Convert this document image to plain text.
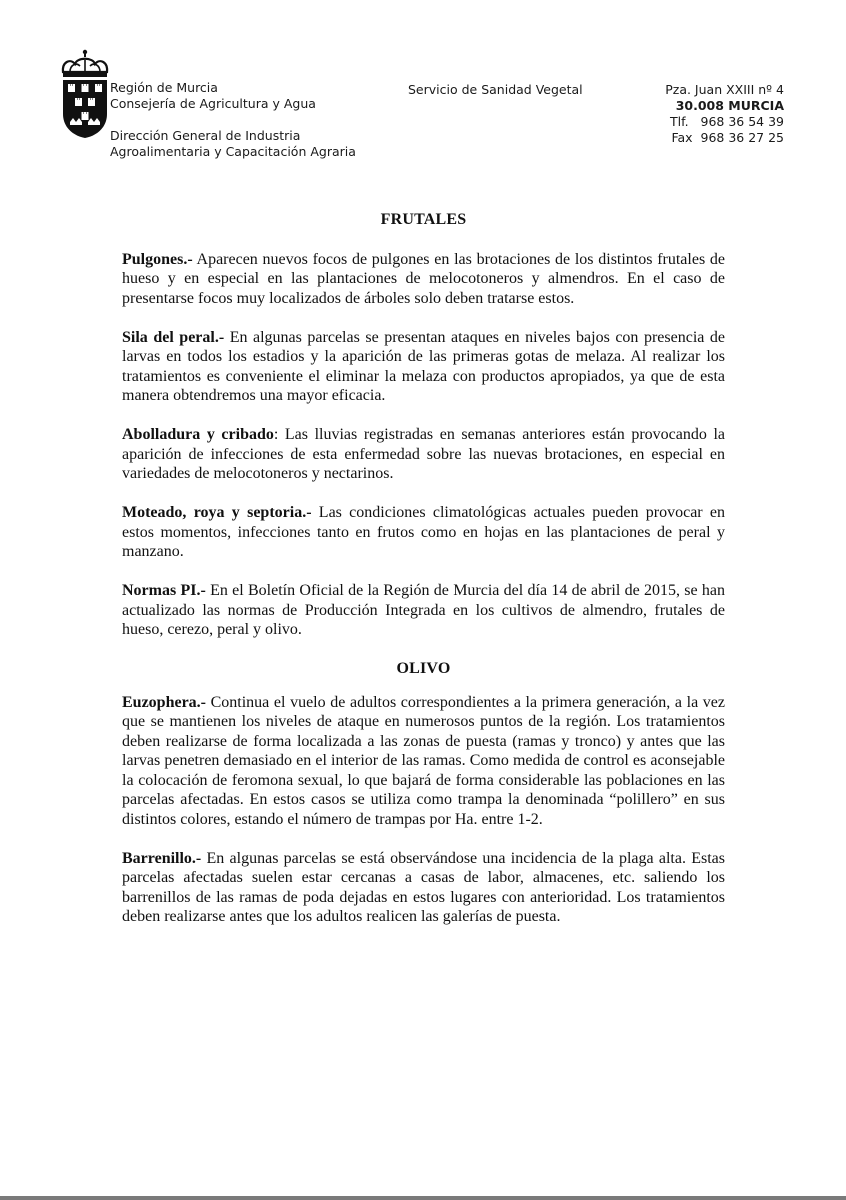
Región de Murcia
Consejería de Agricultura y Agua
Dirección General de Industria
Agroalimentaria y Capacitación Agraria
Servicio de Sanidad Vegetal	Pza. Juan XXIII nº 4
30.008 MURCIA
Tlf.   968 36 54 39
Fax  968 36 27 25
FRUTALES

Pulgones.- Aparecen nuevos focos de pulgones en las brotaciones de los distintos frutales de hueso y en especial en las plantaciones de melocotoneros y almendros. En el caso de presentarse focos muy localizados de árboles solo deben tratarse estos.

Sila del peral.- En algunas parcelas se presentan ataques en niveles bajos con presencia de larvas en todos los estadios y la aparición de las primeras gotas de melaza. Al realizar los tratamientos es conveniente el eliminar la melaza con productos apropiados, ya que de esta manera obtendremos una mayor eficacia.

Abolladura y cribado: Las lluvias registradas en semanas anteriores están provocando la aparición de infecciones de esta enfermedad sobre las nuevas brotaciones, en especial en variedades de melocotoneros y nectarinos.

Moteado, roya y septoria.- Las condiciones climatológicas actuales pueden provocar en estos momentos, infecciones tanto en frutos como en hojas en las plantaciones de peral y manzano.

Normas PI.- En el Boletín Oficial de la Región de Murcia del día 14 de abril de 2015, se han actualizado las normas de Producción Integrada en los cultivos de almendro, frutales de hueso, cerezo, peral y olivo.

OLIVO

Euzophera.- Continua el vuelo de adultos correspondientes a la primera generación, a la vez que se mantienen los niveles de ataque en numerosos puntos de la región. Los tratamientos deben realizarse de forma localizada a las zonas de puesta (ramas y tronco) y antes que las larvas penetren demasiado en el interior de las ramas. Como medida de control es aconsejable la colocación de feromona sexual, lo que bajará de forma considerable las poblaciones en las parcelas afectadas. En estos casos se utiliza como trampa la denominada “polillero” en sus distintos colores, estando el número de trampas por Ha. entre 1-2.

Barrenillo.- En algunas parcelas se está observándose una incidencia de la plaga alta. Estas parcelas afectadas suelen estar cercanas a casas de labor, almacenes, etc. saliendo los barrenillos de las ramas de poda dejadas en estos lugares con anterioridad. Los tratamientos deben realizarse antes que los adultos realicen las galerías de puesta.
